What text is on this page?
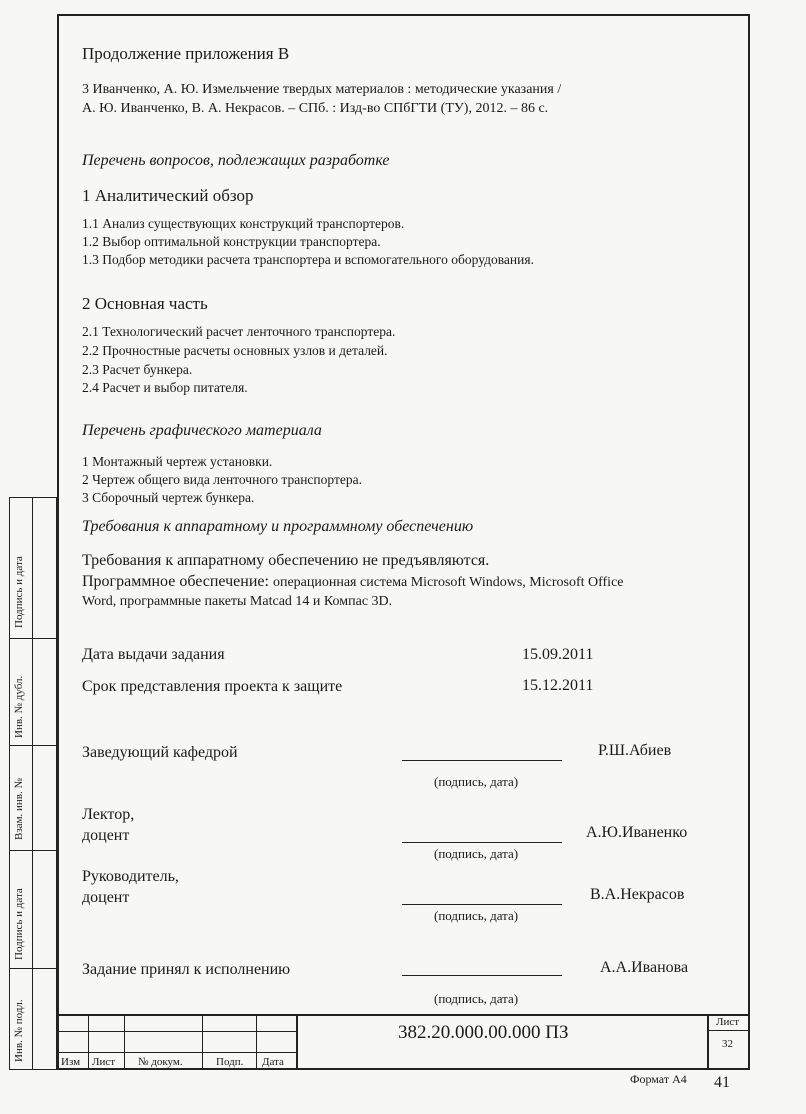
Инв. № подл.
Подпись и дата
Взам. инв. №
Инв. № дубл.
Подпись и дата
Продолжение приложения В
3 Иванченко, А. Ю. Измельчение твердых материалов : методические указания /
А. Ю. Иванченко, В. А. Некрасов. – СПб. : Изд-во СПбГТИ (ТУ), 2012. – 86 с.
Перечень вопросов, подлежащих разработке
1 Аналитический обзор
1.1 Анализ существующих конструкций транспортеров.
1.2 Выбор оптимальной конструкции транспортера.
1.3 Подбор методики расчета транспортера и вспомогательного оборудования.
2 Основная часть
2.1 Технологический расчет ленточного транспортера.
2.2 Прочностные расчеты основных узлов и деталей.
2.3 Расчет бункера.
2.4 Расчет и выбор питателя.
Перечень графического материала
1 Монтажный чертеж установки.
2 Чертеж общего вида ленточного транспортера.
3 Сборочный чертеж бункера.
Требования к аппаратному и программному обеспечению
Требования к аппаратному обеспечению не предъявляются.
Программное обеспечение: операционная система Microsoft Windows, Microsoft Office
Word, программные пакеты Matcad 14 и Компас 3D.
Дата выдачи задания	15.09.2011
Срок представления проекта к защите	15.12.2011
Заведующий кафедрой	Р.Ш.Абиев
(подпись, дата)
Лектор,
доцент	А.Ю.Иваненко
(подпись, дата)
Руководитель,
доцент	В.А.Некрасов
(подпись, дата)
Задание принял к исполнению	А.А.Иванова
(подпись, дата)
Изм Лист № докум.	Подп. Дата
382.20.000.00.000 ПЗ	Лист
32
Формат А4 41
